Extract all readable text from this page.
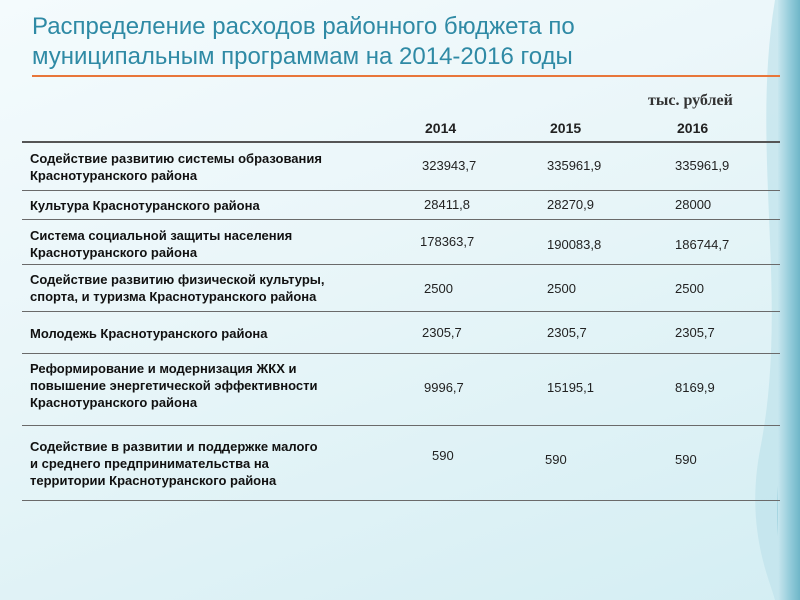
Распределение расходов районного бюджета по
муниципальным программам на 2014-2016 годы
тыс. рублей
2014	2015	2016
Содействие развитию системы образования
Краснотуранского района
323943,7	335961,9	335961,9
Культура Краснотуранского района	28411,8	28270,9	28000
Система социальной защиты населения
Краснотуранского района
178363,7	190083,8	186744,7
Содействие развитию физической культуры,
спорта, и туризма Краснотуранского района
2500	2500	2500
Молодежь Краснотуранского района	2305,7	2305,7	2305,7
Реформирование и модернизация ЖКХ и
повышение энергетической эффективности
Краснотуранского района
9996,7	15195,1	8169,9
Содействие в развитии и поддержке малого
и среднего предпринимательства на
территории Краснотуранского района
590	590	590
